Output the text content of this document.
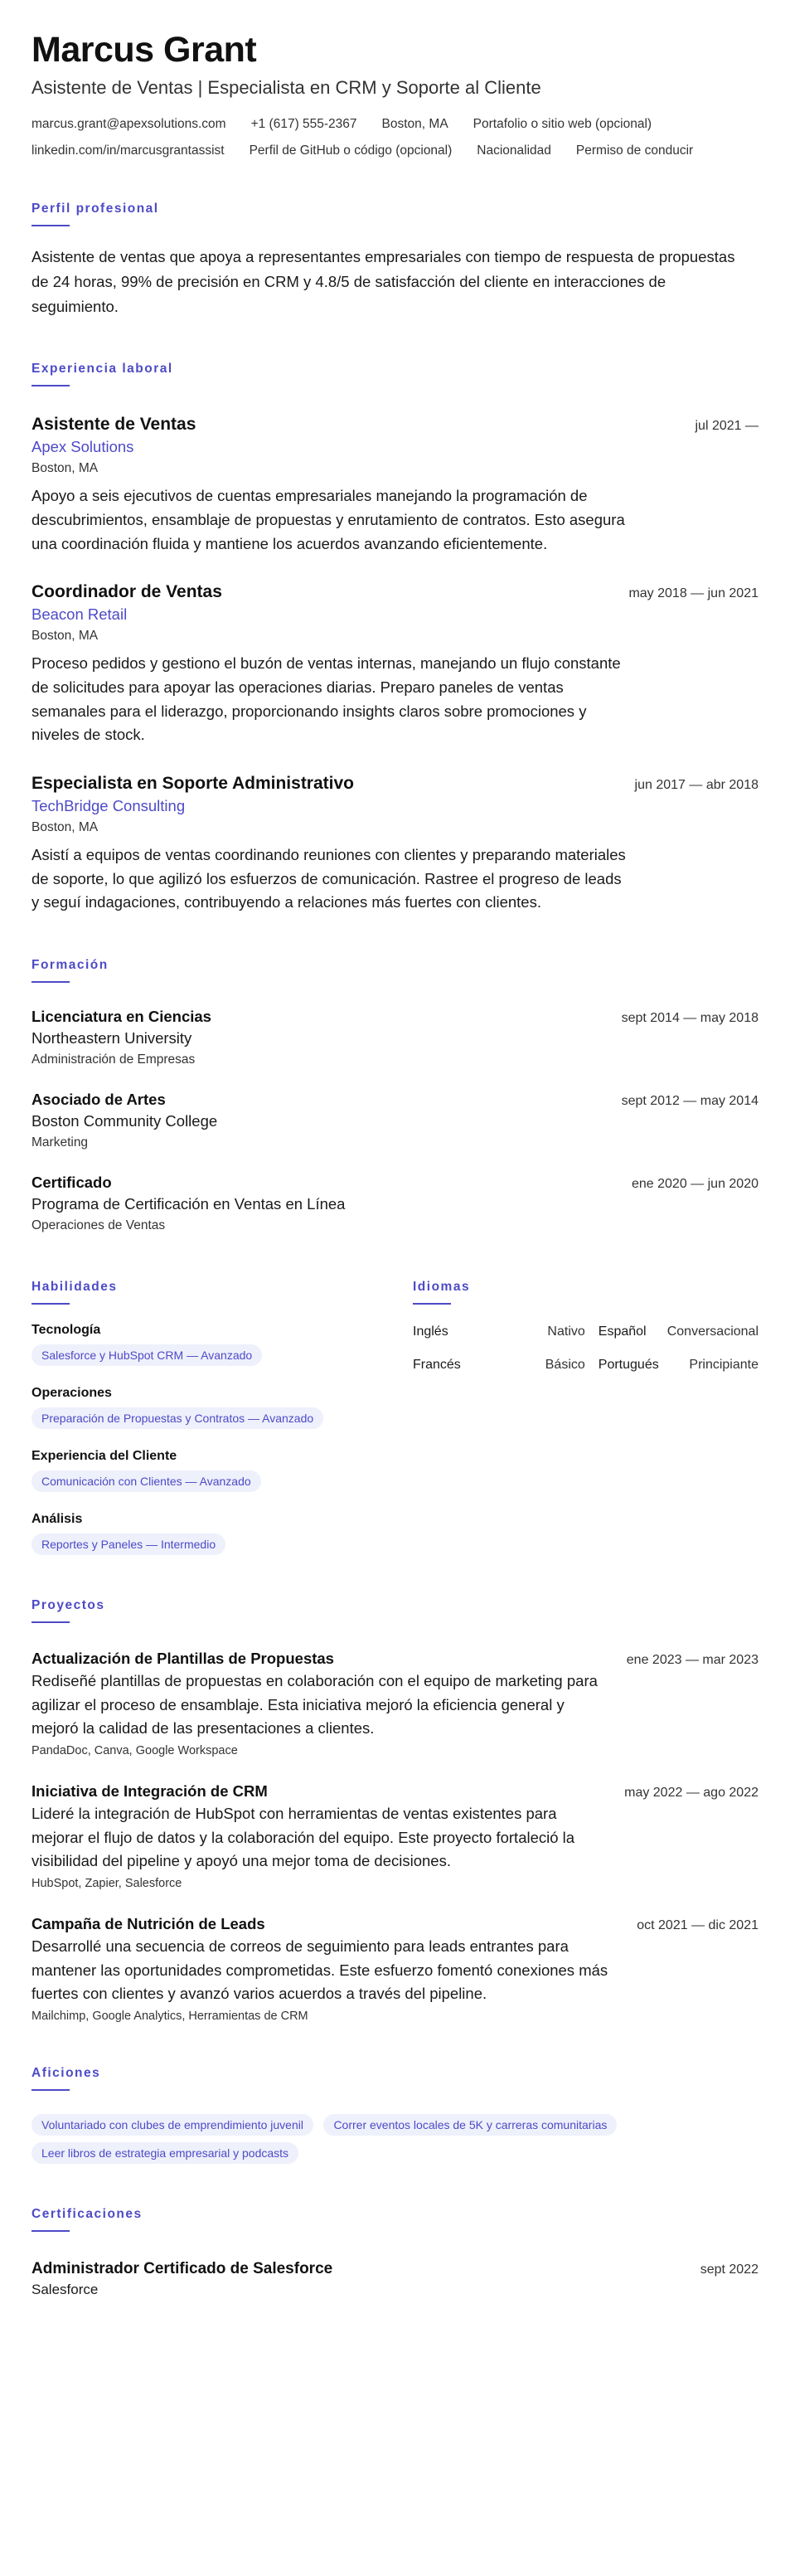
Marcus Grant
Asistente de Ventas | Especialista en CRM y Soporte al Cliente
marcus.grant@apexsolutions.com +1 (617) 555-2367 Boston, MA Portafolio o sitio web (opcional)
linkedin.com/in/marcusgrantassist Perfil de GitHub o código (opcional) Nacionalidad Permiso de conducir
Perfil profesional

Asistente de ventas que apoya a representantes empresariales con tiempo de respuesta de propuestas de 24 horas, 99% de precisión en CRM y 4.8/5 de satisfacción del cliente en interacciones de seguimiento.

Experiencia laboral
Asistente de Ventas	jul 2021 —
Apex Solutions
Boston, MA

Apoyo a seis ejecutivos de cuentas empresariales manejando la programación de descubrimientos, ensamblaje de propuestas y enrutamiento de contratos. Esto asegura una coordinación fluida y mantiene los acuerdos avanzando eficientemente.

Coordinador de Ventas	may 2018 — jun 2021
Beacon Retail
Boston, MA

Proceso pedidos y gestiono el buzón de ventas internas, manejando un flujo constante de solicitudes para apoyar las operaciones diarias. Preparo paneles de ventas semanales para el liderazgo, proporcionando insights claros sobre promociones y niveles de stock.

Especialista en Soporte Administrativo	jun 2017 — abr 2018
TechBridge Consulting
Boston, MA

Asistí a equipos de ventas coordinando reuniones con clientes y preparando materiales de soporte, lo que agilizó los esfuerzos de comunicación. Rastree el progreso de leads y seguí indagaciones, contribuyendo a relaciones más fuertes con clientes.

Formación
Licenciatura en Ciencias	sept 2014 — may 2018
Northeastern University
Administración de Empresas
Asociado de Artes	sept 2012 — may 2014
Boston Community College
Marketing
Certificado	ene 2020 — jun 2020
Programa de Certificación en Ventas en Línea
Operaciones de Ventas
Habilidades
Tecnología
Salesforce y HubSpot CRM — Avanzado
Operaciones
Preparación de Propuestas y Contratos — Avanzado
Experiencia del Cliente
Comunicación con Clientes — Avanzado
Análisis
Reportes y Paneles — Intermedio
Idiomas
Inglés	Nativo	Español	Conversacional
Francés	Básico	Portugués	Principiante
Proyectos
Actualización de Plantillas de Propuestas	ene 2023 — mar 2023

Rediseñé plantillas de propuestas en colaboración con el equipo de marketing para agilizar el proceso de ensamblaje. Esta iniciativa mejoró la eficiencia general y mejoró la calidad de las presentaciones a clientes.

PandaDoc, Canva, Google Workspace
Iniciativa de Integración de CRM	may 2022 — ago 2022

Lideré la integración de HubSpot con herramientas de ventas existentes para mejorar el flujo de datos y la colaboración del equipo. Este proyecto fortaleció la visibilidad del pipeline y apoyó una mejor toma de decisiones.

HubSpot, Zapier, Salesforce
Campaña de Nutrición de Leads	oct 2021 — dic 2021

Desarrollé una secuencia de correos de seguimiento para leads entrantes para mantener las oportunidades comprometidas. Este esfuerzo fomentó conexiones más fuertes con clientes y avanzó varios acuerdos a través del pipeline.

Mailchimp, Google Analytics, Herramientas de CRM
Aficiones
Voluntariado con clubes de emprendimiento juvenil	Correr eventos locales de 5K y carreras comunitarias Leer libros de estrategia empresarial y podcasts
Certificaciones
Administrador Certificado de Salesforce	sept 2022
Salesforce
